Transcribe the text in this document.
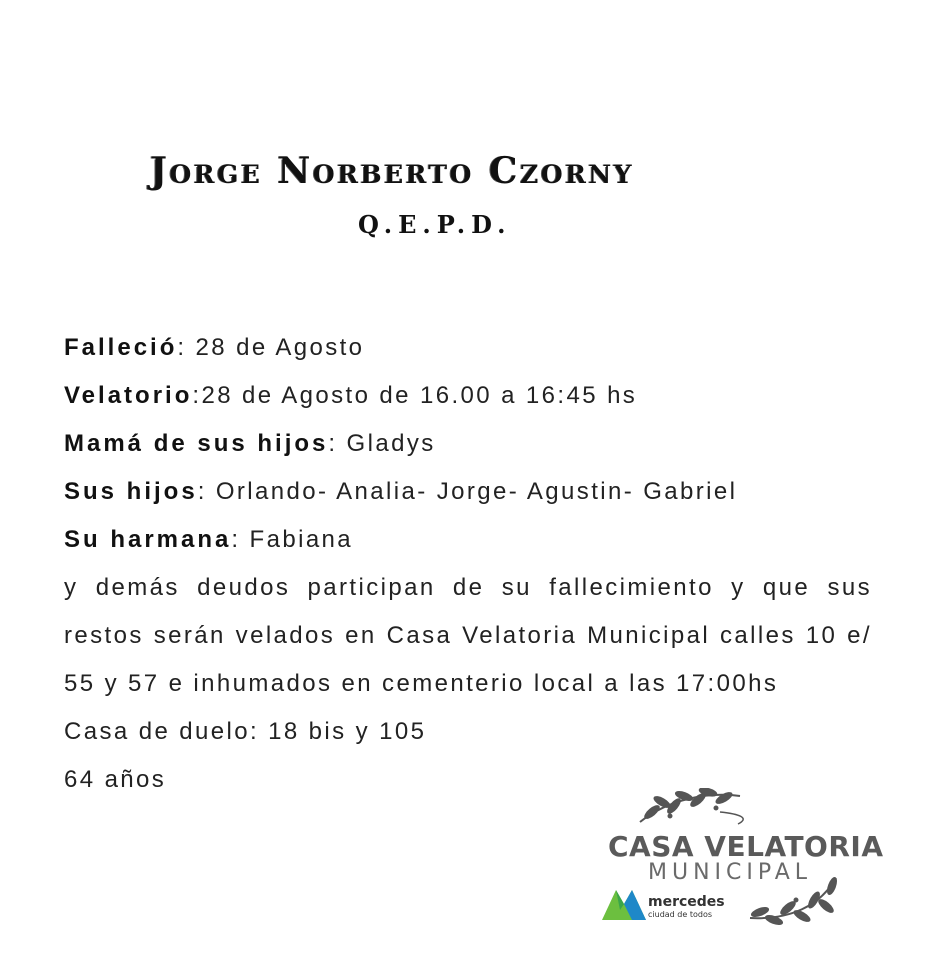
Jorge Norberto Czorny
Q.E.P.D.
Falleció: 28 de Agosto
Velatorio:28 de Agosto de 16.00 a 16:45 hs
Mamá de sus hijos: Gladys
Sus hijos: Orlando- Analia- Jorge- Agustin- Gabriel
Su harmana: Fabiana
y demás deudos participan de su fallecimiento y que sus restos serán velados en Casa Velatoria Municipal calles 10 e/ 55 y 57 e inhumados en cementerio local a las 17:00hs
Casa de duelo: 18 bis y 105
64 años
CASA VELATORIA
MUNICIPAL
mercedes
ciudad de todos
